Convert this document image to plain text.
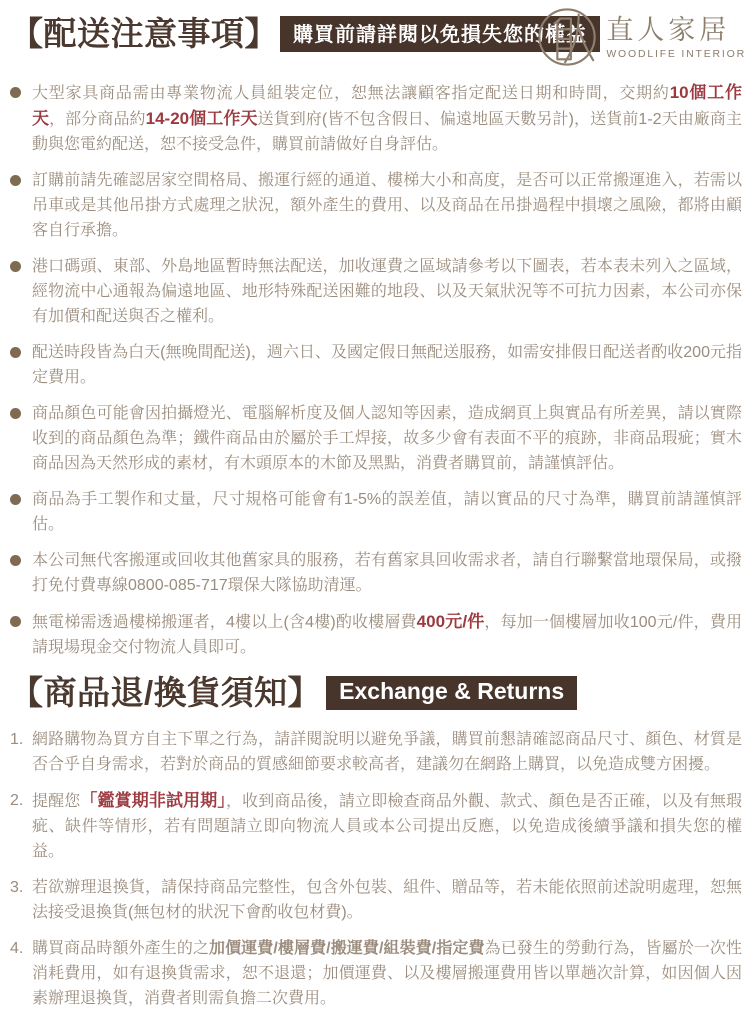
【配送注意事項】 購買前請詳閱以免損失您的權益 直人家居
WOODLIFE INTERIOR
大型家具商品需由專業物流人員組裝定位，恕無法讓顧客指定配送日期和時間，交期約10個工作天，部分商品約14-20個工作天送貨到府(皆不包含假日、偏遠地區天數另計)，送貨前1-2天由廠商主動與您電約配送，恕不接受急件，購買前請做好自身評估。
訂購前請先確認居家空間格局、搬運行經的通道、樓梯大小和高度，是否可以正常搬運進入，若需以吊車或是其他吊掛方式處理之狀況，額外產生的費用、以及商品在吊掛過程中損壞之風險，都將由顧客自行承擔。
港口碼頭、東部、外島地區暫時無法配送，加收運費之區域請參考以下圖表，若本表未列入之區域，經物流中心通報為偏遠地區、地形特殊配送困難的地段、以及天氣狀況等不可抗力因素，本公司亦保有加價和配送與否之權利。
配送時段皆為白天(無晚間配送)，週六日、及國定假日無配送服務，如需安排假日配送者酌收200元指定費用。
商品顏色可能會因拍攝燈光、電腦解析度及個人認知等因素，造成網頁上與實品有所差異，請以實際收到的商品顏色為準；鐵件商品由於屬於手工焊接，故多少會有表面不平的痕跡，非商品瑕疵；實木商品因為天然形成的素材，有木頭原本的木節及黑點，消費者購買前，請謹慎評估。
商品為手工製作和丈量，尺寸規格可能會有1-5%的誤差值，請以實品的尺寸為準，購買前請謹慎評估。
本公司無代客搬運或回收其他舊家具的服務，若有舊家具回收需求者，請自行聯繫當地環保局，或撥打免付費專線0800-085-717環保大隊協助清運。
無電梯需透過樓梯搬運者，4樓以上(含4樓)酌收樓層費400元/件，每加一個樓層加收100元/件，費用請現場現金交付物流人員即可。
【商品退/換貨須知】 Exchange & Returns
1. 網路購物為買方自主下單之行為，請詳閱說明以避免爭議，購買前懇請確認商品尺寸、顏色、材質是否合乎自身需求，若對於商品的質感細節要求較高者，建議勿在網路上購買，以免造成雙方困擾。
2. 提醒您「鑑賞期非試用期」，收到商品後，請立即檢查商品外觀、款式、顏色是否正確，以及有無瑕疵、缺件等情形，若有問題請立即向物流人員或本公司提出反應，以免造成後續爭議和損失您的權益。
3. 若欲辦理退換貨，請保持商品完整性，包含外包裝、組件、贈品等，若未能依照前述說明處理，恕無法接受退換貨(無包材的狀況下會酌收包材費)。
4. 購買商品時額外產生的之加價運費/樓層費/搬運費/組裝費/指定費為已發生的勞動行為，皆屬於一次性消耗費用，如有退換貨需求，恕不退還；加價運費、以及樓層搬運費用皆以單趟次計算，如因個人因素辦理退換貨，消費者則需負擔二次費用。
